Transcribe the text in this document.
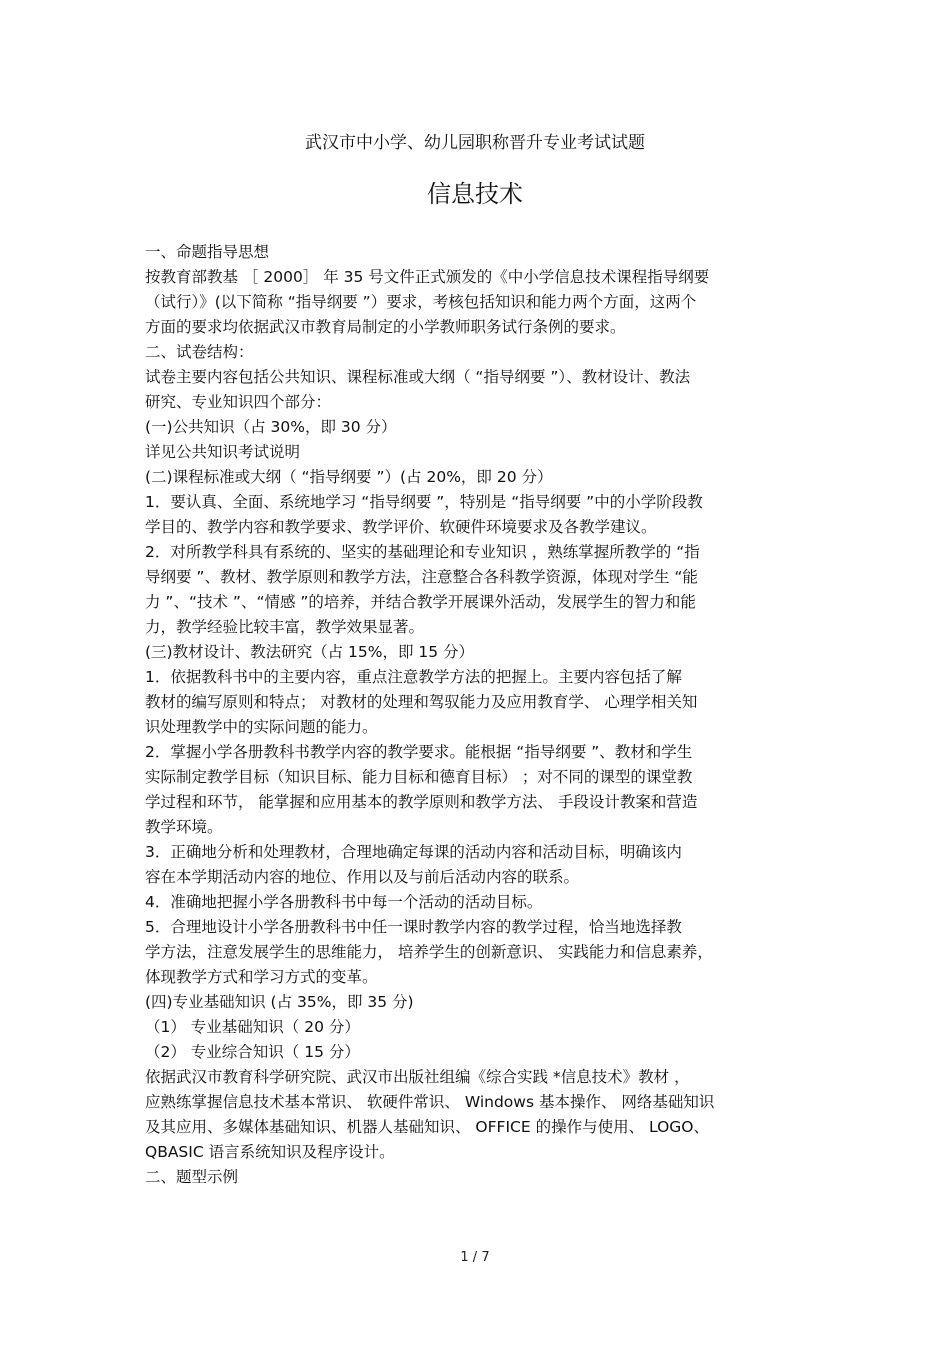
武汉市中小学、幼儿园职称晋升专业考试试题
信息技术
一、命题指导思想
按教育部教基 ［ 2000］ 年 35 号文件正式颁发的《中小学信息技术课程指导纲要
（试行）》(以下简称 “指导纲要 ”）要求，考核包括知识和能力两个方面，这两个
方面的要求均依据武汉市教育局制定的小学教师职务试行条例的要求。
二、试卷结构：
试卷主要内容包括公共知识、课程标准或大纲（ “指导纲要 ”）、教材设计、教法
研究、专业知识四个部分：
(一)公共知识（占 30%，即 30 分）
详见公共知识考试说明
(二)课程标准或大纲（ “指导纲要 ”）(占 20%，即 20 分）
1．要认真、全面、系统地学习 “指导纲要 ”，特别是 “指导纲要 ”中的小学阶段教
学目的、教学内容和教学要求、教学评价、软硬件环境要求及各教学建议。
2．对所教学科具有系统的、坚实的基础理论和专业知识 ，熟练掌握所教学的 “指
导纲要 ”、教材、教学原则和教学方法，注意整合各科教学资源，体现对学生 “能
力 ”、“技术 ”、“情感 ”的培养，并结合教学开展课外活动，发展学生的智力和能
力，教学经验比较丰富，教学效果显著。
(三)教材设计、教法研究（占 15%，即 15 分）
1．依据教科书中的主要内容，重点注意教学方法的把握上。主要内容包括了解
教材的编写原则和特点； 对教材的处理和驾驭能力及应用教育学、 心理学相关知
识处理教学中的实际问题的能力。
2．掌握小学各册教科书教学内容的教学要求。能根据 “指导纲要 ”、教材和学生
实际制定教学目标（知识目标、能力目标和德育目标） ；对不同的课型的课堂教
学过程和环节， 能掌握和应用基本的教学原则和教学方法、 手段设计教案和营造
教学环境。
3．正确地分析和处理教材，合理地确定每课的活动内容和活动目标，明确该内
容在本学期活动内容的地位、作用以及与前后活动内容的联系。
4．准确地把握小学各册教科书中每一个活动的活动目标。
5．合理地设计小学各册教科书中任一课时教学内容的教学过程，恰当地选择教
学方法，注意发展学生的思维能力， 培养学生的创新意识、 实践能力和信息素养，
体现教学方式和学习方式的变革。
(四)专业基础知识 (占 35%，即 35 分)
（1） 专业基础知识（ 20 分）
（2） 专业综合知识（ 15 分）
依据武汉市教育科学研究院、武汉市出版社组编《综合实践 *信息技术》教材 ，
应熟练掌握信息技术基本常识、 软硬件常识、 Windows 基本操作、 网络基础知识
及其应用、多媒体基础知识、机器人基础知识、 OFFICE 的操作与使用、 LOGO、
QBASIC 语言系统知识及程序设计。
二、题型示例
1 / 7
